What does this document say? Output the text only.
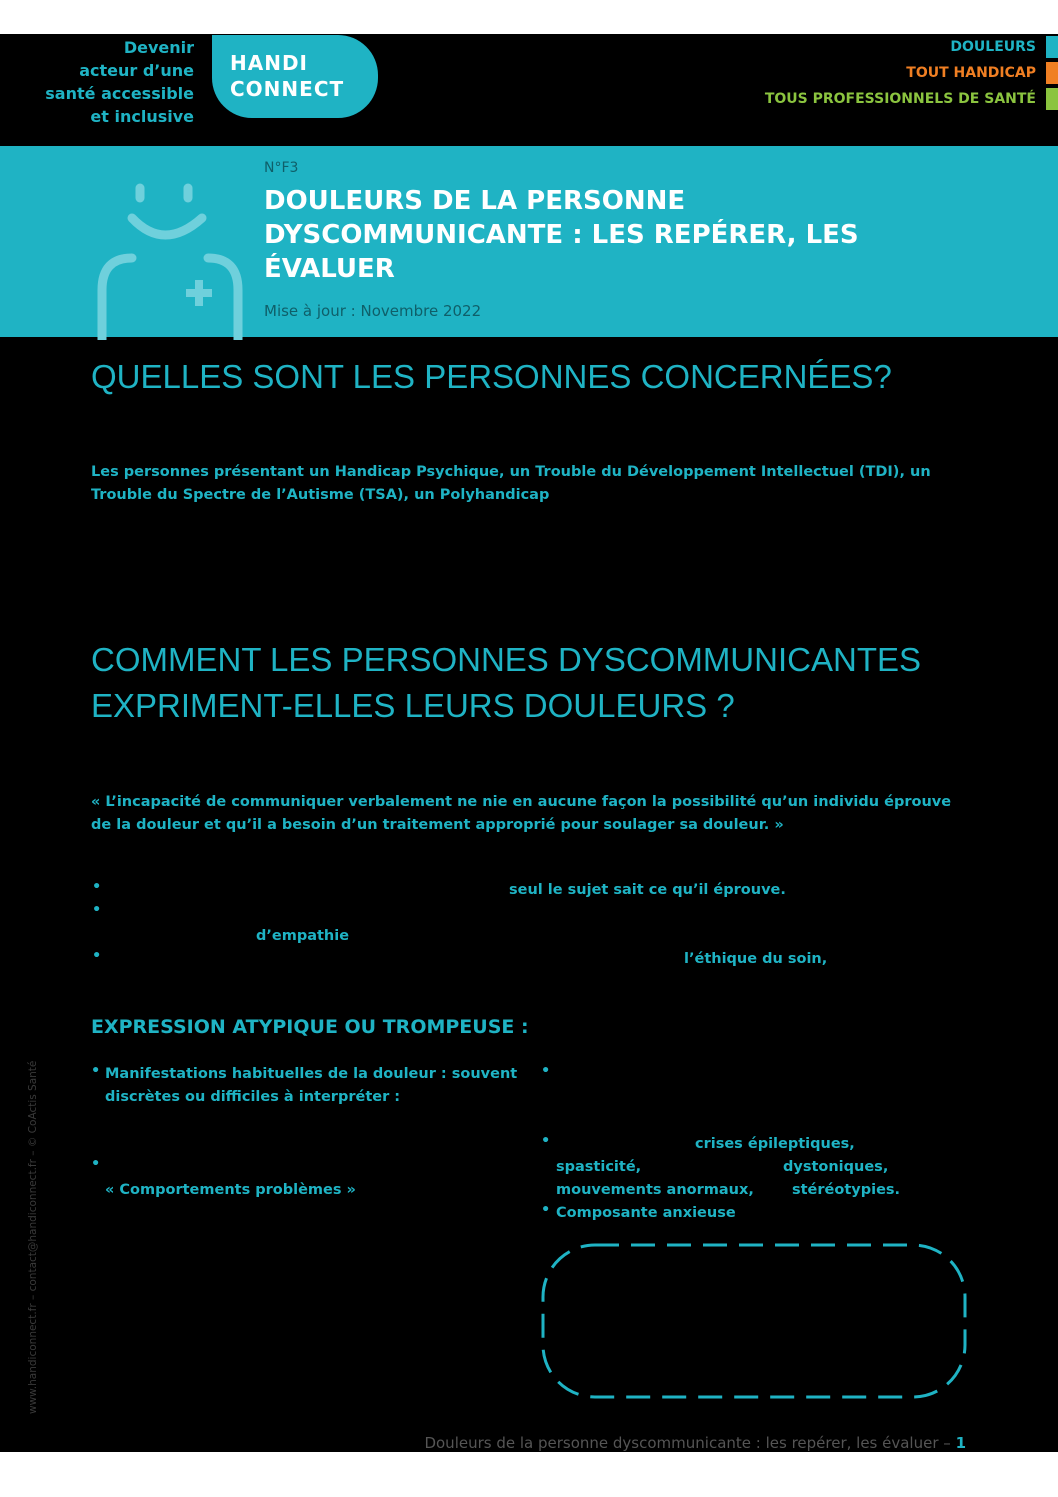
Devenir
acteur d’une
santé accessible
et inclusive
HANDI
CONNECT
DOULEURS
TOUT HANDICAP
TOUS PROFESSIONNELS DE SANTÉ
N°F3
DOULEURS DE LA PERSONNE DYSCOMMUNICANTE : LES REPÉRER, LES ÉVALUER
Mise à jour : Novembre 2022
QUELLES SONT LES PERSONNES CONCERNÉES?

Les personnes présentant un Handicap Psychique, un Trouble du Développement Intellectuel (TDI), un Trouble du Spectre de l’Autisme (TSA), un Polyhandicap

COMMENT LES PERSONNES DYSCOMMUNICANTES EXPRIMENT-ELLES LEURS DOULEURS ?

« L’incapacité de communiquer verbalement ne nie en aucune façon la possibilité qu’un individu éprouve de la douleur et qu’il a besoin d’un traitement approprié pour soulager sa douleur. »

•	seul le sujet sait ce qu’il éprouve.

•

d’empathie

•	l’éthique du soin,

EXPRESSION ATYPIQUE OU TROMPEUSE :
• Manifestations habituelles de la douleur : souvent discrètes ou difficiles à interpréter :

•

« Comportements problèmes »

•
•	crises épileptiques,

spasticité,	dystoniques,

mouvements anormaux,	stéréotypies.

• Composante anxieuse

www.handiconnect.fr – contact@handiconnect.fr – © CoActis Santé
Douleurs de la personne dyscommunicante : les repérer, les évaluer – 1
